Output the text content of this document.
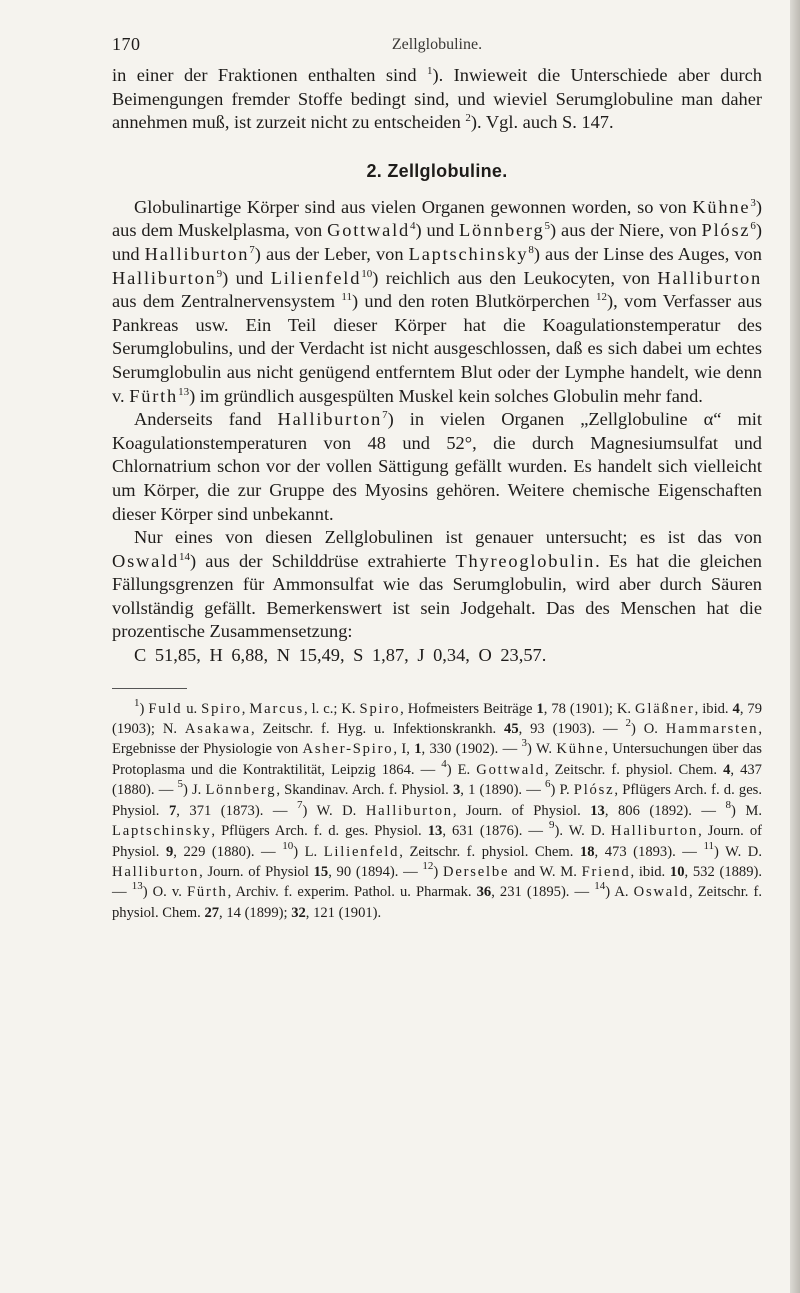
170	Zellglobuline.

in einer der Fraktionen enthalten sind $^1$). Inwieweit die Unterschiede aber durch Beimengungen fremder Stoffe bedingt sind, und wieviel Serumglobuline man daher annehmen muß, ist zurzeit nicht zu entscheiden $^2$). Vgl. auch S. 147.

2. Zellglobuline.

Globulinartige Körper sind aus vielen Organen gewonnen worden, so von Kühne$^3$) aus dem Muskelplasma, von Gottwald$^4$) und Lönnberg$^5$) aus der Niere, von Plósz$^6$) und Halliburton$^7$) aus der Leber, von Laptschinsky$^8$) aus der Linse des Auges, von Halliburton$^9$) und Lilienfeld$^{10}$) reichlich aus den Leukocyten, von Halliburton aus dem Zentralnervensystem $^{11}$) und den roten Blutkörperchen $^{12}$), vom Verfasser aus Pankreas usw. Ein Teil dieser Körper hat die Koagulationstemperatur des Serumglobulins, und der Verdacht ist nicht ausgeschlossen, daß es sich dabei um echtes Serumglobulin aus nicht genügend entferntem Blut oder der Lymphe handelt, wie denn v. Fürth$^{13}$) im gründlich ausgespülten Muskel kein solches Globulin mehr fand.

Anderseits fand Halliburton$^7$) in vielen Organen „Zellglobuline α“ mit Koagulationstemperaturen von 48 und 52°, die durch Magnesiumsulfat und Chlornatrium schon vor der vollen Sättigung gefällt wurden. Es handelt sich vielleicht um Körper, die zur Gruppe des Myosins gehören. Weitere chemische Eigenschaften dieser Körper sind unbekannt.

Nur eines von diesen Zellglobulinen ist genauer untersucht; es ist das von Oswald$^{14}$) aus der Schilddrüse extrahierte Thyreoglobulin. Es hat die gleichen Fällungsgrenzen für Ammonsulfat wie das Serumglobulin, wird aber durch Säuren vollständig gefällt. Bemerkenswert ist sein Jodgehalt. Das des Menschen hat die prozentische Zusammensetzung:

C 51,85, H 6,88, N 15,49, S 1,87, J 0,34, O 23,57.

$^1$) Fuld u. Spiro, Marcus, l. c.; K. Spiro, Hofmeisters Beiträge 1, 78 (1901); K. Gläßner, ibid. 4, 79 (1903); N. Asakawa, Zeitschr. f. Hyg. u. Infektionskrankh. 45, 93 (1903). — $^2$) O. Hammarsten, Ergebnisse der Physiologie von Asher-Spiro, I, 1, 330 (1902). — $^3$) W. Kühne, Untersuchungen über das Protoplasma und die Kontraktilität, Leipzig 1864. — $^4$) E. Gottwald, Zeitschr. f. physiol. Chem. 4, 437 (1880). — $^5$) J. Lönnberg, Skandinav. Arch. f. Physiol. 3, 1 (1890). — $^6$) P. Plósz, Pflügers Arch. f. d. ges. Physiol. 7, 371 (1873). — $^7$) W. D. Halliburton, Journ. of Physiol. 13, 806 (1892). — $^8$) M. Laptschinsky, Pflügers Arch. f. d. ges. Physiol. 13, 631 (1876). — $^9$). W. D. Halliburton, Journ. of Physiol. 9, 229 (1880). — $^{10}$) L. Lilienfeld, Zeitschr. f. physiol. Chem. 18, 473 (1893). — $^{11}$) W. D. Halliburton, Journ. of Physiol 15, 90 (1894). — $^{12}$) Derselbe and W. M. Friend, ibid. 10, 532 (1889). — $^{13}$) O. v. Fürth, Archiv. f. experim. Pathol. u. Pharmak. 36, 231 (1895). — $^{14}$) A. Oswald, Zeitschr. f. physiol. Chem. 27, 14 (1899); 32, 121 (1901).
